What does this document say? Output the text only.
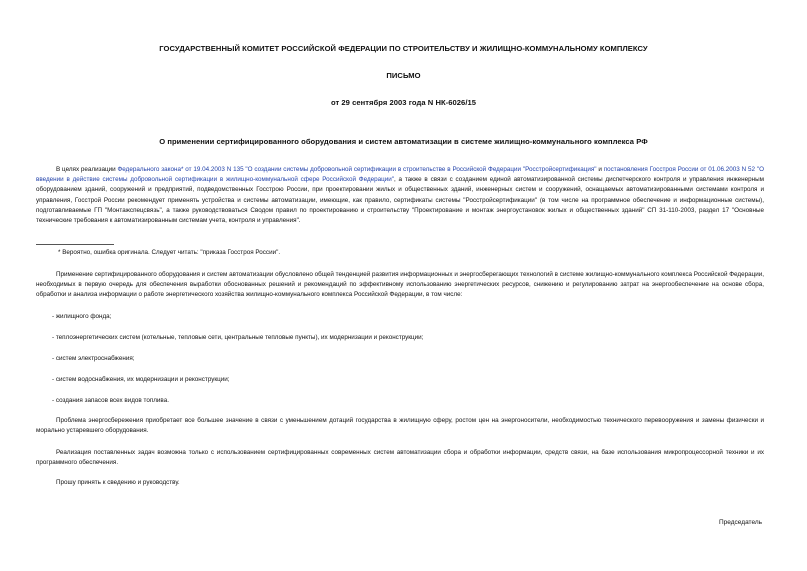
ГОСУДАРСТВЕННЫЙ КОМИТЕТ РОССИЙСКОЙ ФЕДЕРАЦИИ ПО СТРОИТЕЛЬСТВУ И ЖИЛИЩНО-КОММУНАЛЬНОМУ КОМПЛЕКСУ
ПИСЬМО
от 29 сентября 2003 года N НК-6026/15
О применении сертифицированного оборудования и систем автоматизации в системе жилищно-коммунального комплекса РФ

В целях реализации Федерального закона* от 19.04.2003 N 135 "О создании системы добровольной сертификации в строительстве в Российской Федерации "Росстройсертификация" и постановления Госстроя России от 01.06.2003 N 52 "О введении в действие системы добровольной сертификации в жилищно-коммунальной сфере Российской Федерации", а также в связи с созданием единой автоматизированной системы диспетчерского контроля и управления инженерным оборудованием зданий, сооружений и предприятий, подведомственных Госстрою России, при проектировании жилых и общественных зданий, инженерных систем и сооружений, оснащаемых автоматизированными системами контроля и управления, Госстрой России рекомендует применять устройства и системы автоматизации, имеющие, как правило, сертификаты системы "Росстройсертификации" (в том числе на программное обеспечение и информационные системы), подготавливаемые ГП "Монтажспецсвязь", а также руководствоваться Сводом правил по проектированию и строительству "Проектирование и монтаж энергоустановок жилых и общественных зданий" СП 31-110-2003, раздел 17 "Основные технические требования к автоматизированным системам учета, контроля и управления".

* Вероятно, ошибка оригинала. Следует читать: "приказа Госстроя России".

Применение сертифицированного оборудования и систем автоматизации обусловлено общей тенденцией развития информационных и энергосберегающих технологий в системе жилищно-коммунального комплекса Российской Федерации, необходимых в первую очередь для обеспечения выработки обоснованных решений и рекомендаций по эффективному использованию энергетических ресурсов, снижению и регулированию затрат на энергообеспечение на основе сбора, обработки и анализа информации о работе энергетического хозяйства жилищно-коммунального комплекса Российской Федерации, в том числе:

- жилищного фонда;
- теплоэнергетических систем (котельные, тепловые сети, центральные тепловые пункты), их модернизации и реконструкции;
- систем электроснабжения;
- систем водоснабжения, их модернизации и реконструкции;
- создания запасов всех видов топлива.

Проблема энергосбережения приобретает все большее значение в связи с уменьшением дотаций государства в жилищную сферу, ростом цен на энергоносители, необходимостью технического перевооружения и замены физически и морально устаревшего оборудования.

Реализация поставленных задач возможна только с использованием сертифицированных современных систем автоматизации сбора и обработки информации, средств связи, на базе использования микропроцессорной техники и их программного обеспечения.

Прошу принять к сведению и руководству.

Председатель
